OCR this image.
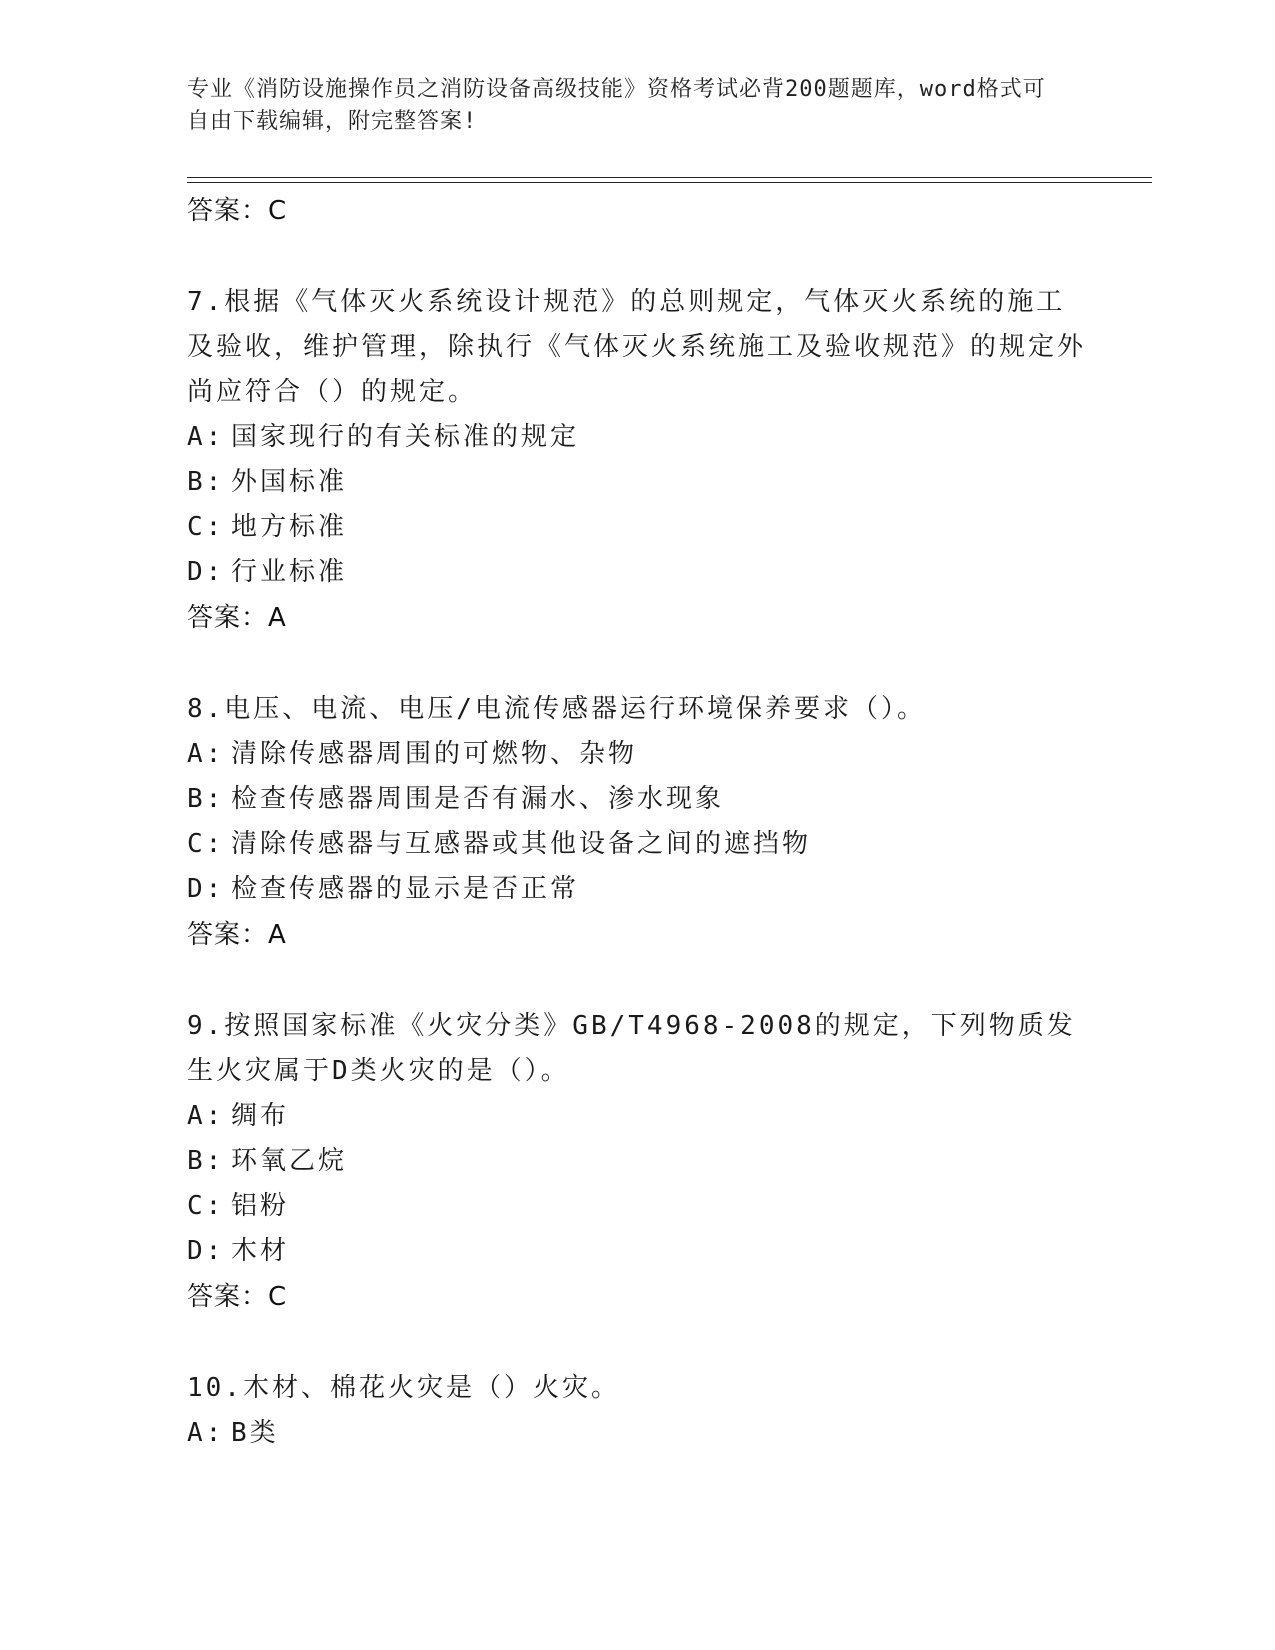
专业《消防设施操作员之消防设备高级技能》资格考试必背200题题库，word格式可自由下载编辑，附完整答案!

答案：C

7.根据《气体灭火系统设计规范》的总则规定，气体灭火系统的施工及验收，维护管理，除执行《气体灭火系统施工及验收规范》的规定外尚应符合（）的规定。

A: 国家现行的有关标准的规定

B: 外国标准

C: 地方标准

D: 行业标准

答案：A

8.电压、电流、电压/电流传感器运行环境保养要求（）。

A: 清除传感器周围的可燃物、杂物

B: 检查传感器周围是否有漏水、渗水现象

C: 清除传感器与互感器或其他设备之间的遮挡物

D: 检查传感器的显示是否正常

答案：A

9.按照国家标准《火灾分类》GB/T4968-2008的规定，下列物质发生火灾属于D类火灾的是（）。

A: 绸布

B: 环氧乙烷

C: 铝粉

D: 木材

答案：C

10.木材、棉花火灾是（）火灾。

A: B类
